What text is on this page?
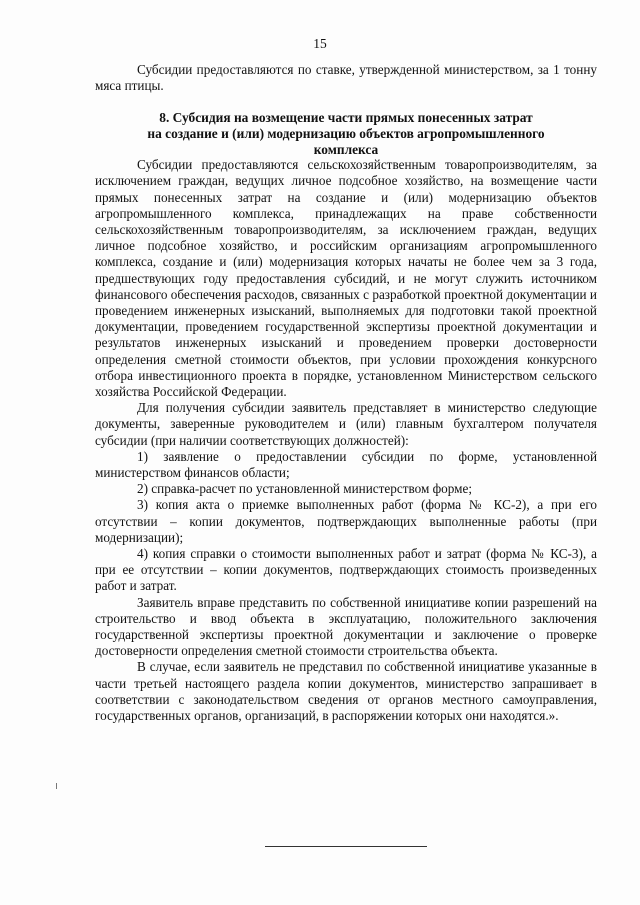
15

Субсидии предоставляются по ставке, утвержденной министерством, за 1 тонну мяса птицы.

8. Субсидия на возмещение части прямых понесенных затрат
на создание и (или) модернизацию объектов агропромышленного
комплекса

Субсидии предоставляются сельскохозяйственным товаропроизводителям, за исключением граждан, ведущих личное подсобное хозяйство, на возмещение части прямых понесенных затрат на создание и (или) модернизацию объектов агропромышленного комплекса, принадлежащих на праве собственности сельскохозяйственным товаропроизводителям, за исключением граждан, ведущих личное подсобное хозяйство, и российским организациям агропромышленного комплекса, создание и (или) модернизация которых начаты не более чем за 3 года, предшествующих году предоставления субсидий, и не могут служить источником финансового обеспечения расходов, связанных с разработкой проектной документации и проведением инженерных изысканий, выполняемых для подготовки такой проектной документации, проведением государственной экспертизы проектной документации и результатов инженерных изысканий и проведением проверки достоверности определения сметной стоимости объектов, при условии прохождения конкурсного отбора инвестиционного проекта в порядке, установленном Министерством сельского хозяйства Российской Федерации.

Для получения субсидии заявитель представляет в министерство следующие документы, заверенные руководителем и (или) главным бухгалтером получателя субсидии (при наличии соответствующих должностей):

1) заявление о предоставлении субсидии по форме, установленной министерством финансов области;

2) справка-расчет по установленной министерством форме;

3) копия акта о приемке выполненных работ (форма № КС-2), а при его отсутствии – копии документов, подтверждающих выполненные работы (при модернизации);

4) копия справки о стоимости выполненных работ и затрат (форма № КС-3), а при ее отсутствии – копии документов, подтверждающих стоимость произведенных работ и затрат.

Заявитель вправе представить по собственной инициативе копии разрешений на строительство и ввод объекта в эксплуатацию, положительного заключения государственной экспертизы проектной документации и заключение о проверке достоверности определения сметной стоимости строительства объекта.

В случае, если заявитель не представил по собственной инициативе указанные в части третьей настоящего раздела копии документов, министерство запрашивает в соответствии с законодательством сведения от органов местного самоуправления, государственных органов, организаций, в распоряжении которых они находятся.».
